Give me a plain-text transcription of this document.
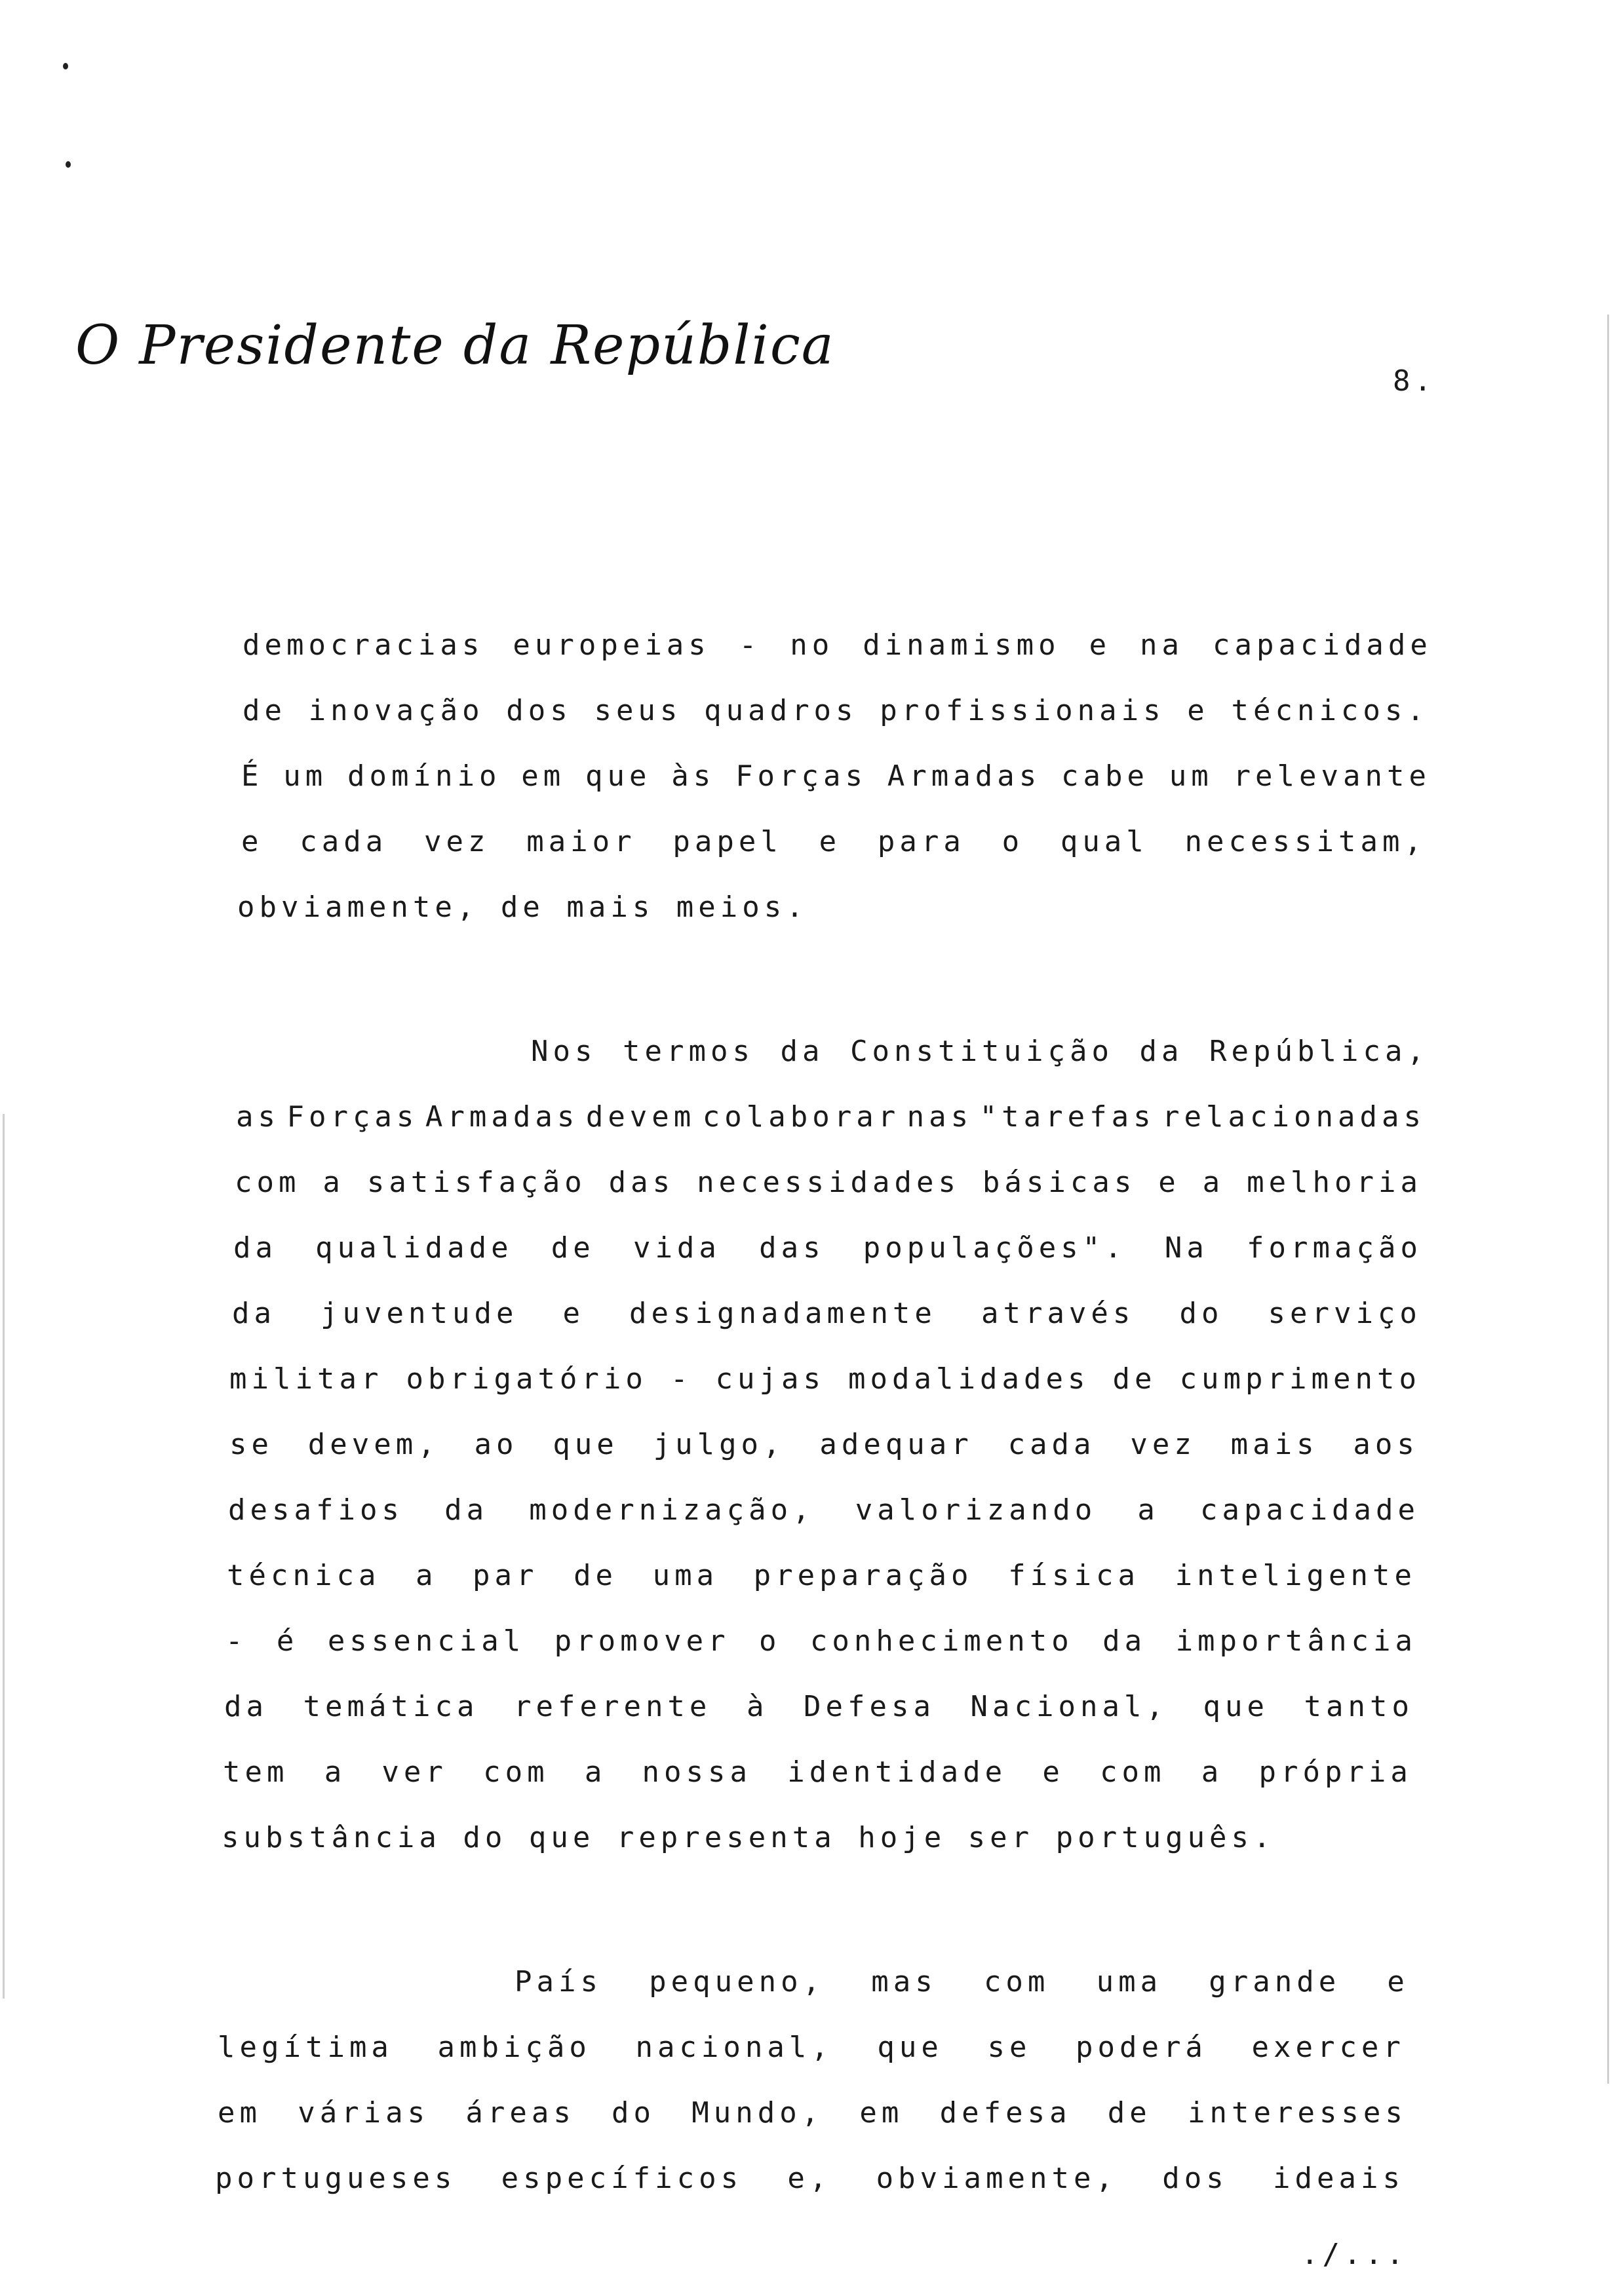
O Presidente da República
8.
democracias europeias - no dinamismo e na capacidade
de inovação dos seus quadros profissionais e técnicos.
É um domínio em que às Forças Armadas cabe um relevante
e cada vez maior papel e para o qual necessitam,
obviamente, de mais meios.
Nos termos da Constituição da República,
as Forças Armadas devem colaborar nas "tarefas relacionadas
com a satisfação das necessidades básicas e a melhoria
da qualidade de vida das populações". Na formação
da juventude e designadamente através do serviço
militar obrigatório - cujas modalidades de cumprimento
se devem, ao que julgo, adequar cada vez mais aos
desafios da modernização, valorizando a capacidade
técnica a par de uma preparação física inteligente
- é essencial promover o conhecimento da importância
da temática referente à Defesa Nacional, que tanto
tem a ver com a nossa identidade e com a própria
substância do que representa hoje ser português.
País pequeno, mas com uma grande e
legítima ambição nacional, que se poderá exercer
em várias áreas do Mundo, em defesa de interesses
portugueses específicos e, obviamente, dos ideais
./...
